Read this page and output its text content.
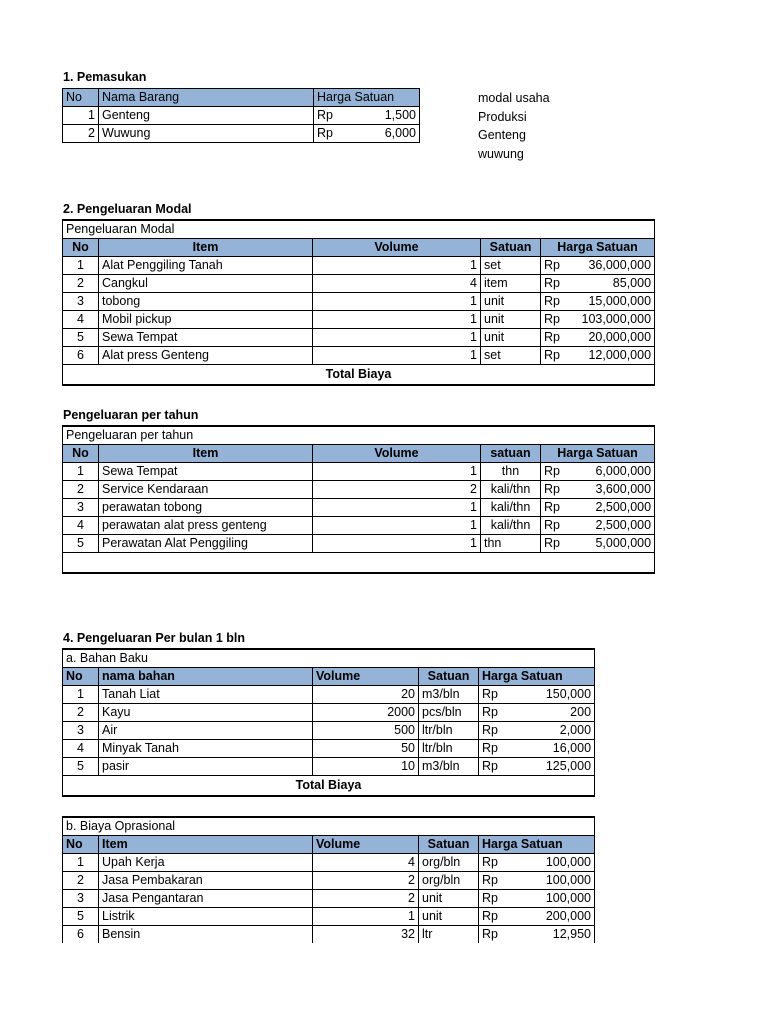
1. Pemasukan
No	Nama Barang	Harga Satuan
1	Genteng	Rp 1,500

2	Wuwung	Rp 6,000
modal usaha
Produksi
Genteng
wuwung
2. Pengeluaran Modal
Pengeluaran Modal				
No	Item	Volume	Satuan	Harga Satuan
1	Alat Penggiling Tanah	1	set	Rp 36,000,000

2	Cangkul	4	item	Rp 85,000

3	tobong	1	unit	Rp 15,000,000

4	Mobil pickup	1	unit	Rp 103,000,000

5	Sewa Tempat	1	unit	Rp 20,000,000

6	Alat press Genteng	1	set	Rp 12,000,000

Total Biaya				
Pengeluaran per tahun
Pengeluaran per tahun				
No	Item	Volume	satuan	Harga Satuan
1	Sewa Tempat	1	thn	Rp 6,000,000

2	Service Kendaraan	2	kali/thn	Rp 3,600,000

3	perawatan tobong	1	kali/thn	Rp 2,500,000

4	perawatan alat press genteng	1	kali/thn	Rp 2,500,000

5	Perawatan Alat Penggiling	1	thn	Rp 5,000,000

4. Pengeluaran Per bulan 1 bln
a. Bahan Baku				
No	nama bahan	Volume	Satuan	Harga Satuan
1	Tanah Liat	20	m3/bln	Rp 150,000

2	Kayu	2000	pcs/bln	Rp 200

3	Air	500	ltr/bln	Rp 2,000

4	Minyak Tanah	50	ltr/bln	Rp 16,000

5	pasir	10	m3/bln	Rp 125,000

Total Biaya				
b. Biaya Oprasional				
No	Item	Volume	Satuan	Harga Satuan
1	Upah Kerja	4	org/bln	Rp 100,000

2	Jasa Pembakaran	2	org/bln	Rp 100,000

3	Jasa Pengantaran	2	unit	Rp 100,000

5	Listrik	1	unit	Rp 200,000

6	Bensin	32	ltr	Rp 12,950
